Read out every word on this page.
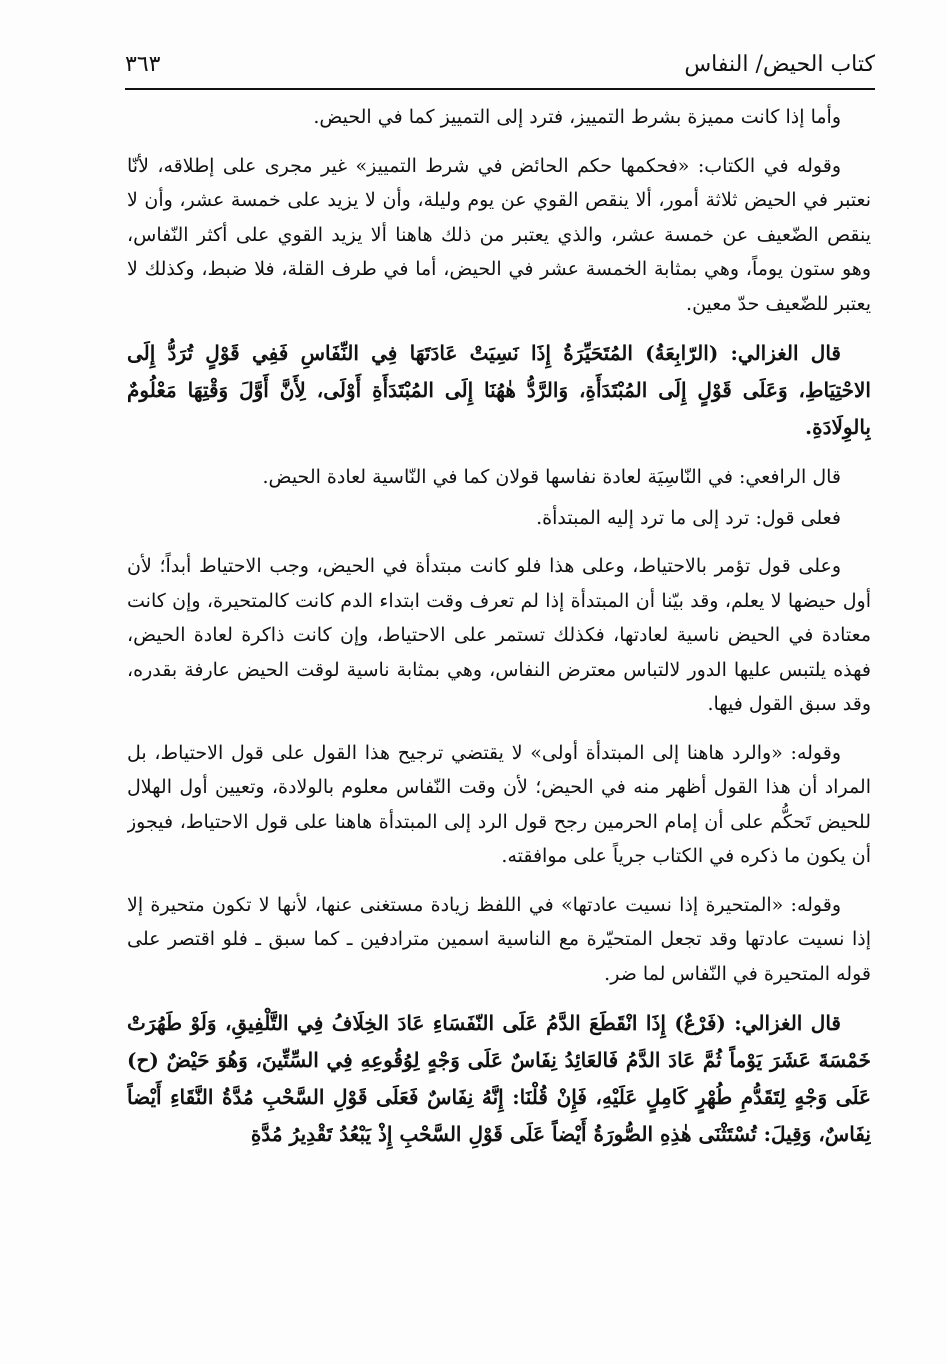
كتاب الحيض/ النفاس
٣٦٣

وأما إذا كانت مميزة بشرط التمييز، فترد إلى التمييز كما في الحيض.

وقوله في الكتاب: «فحكمها حكم الحائض في شرط التمييز» غير مجرى على إطلاقه، لأنّا نعتبر في الحيض ثلاثة أمور، ألا ينقص القوي عن يوم وليلة، وأن لا يزيد على خمسة عشر، وأن لا ينقص الضّعيف عن خمسة عشر، والذي يعتبر من ذلك هاهنا ألا يزيد القوي على أكثر النّفاس، وهو ستون يوماً، وهي بمثابة الخمسة عشر في الحيض، أما في طرف القلة، فلا ضبط، وكذلك لا يعتبر للضّعيف حدّ معين.

قال الغزالي: (الرّابِعَةُ) المُتَحَيِّرَةُ إِذَا نَسِيَتْ عَادَتَهَا فِي النِّفَاسِ فَفِي قَوْلٍ تُرَدُّ إِلَى الاحْتِيَاطِ، وَعَلَى قَوْلٍ إِلَى المُبْتَدَأَةِ، وَالرَّدُّ هٰهُنَا إِلَى المُبْتَدَأَةِ أَوْلَى، لِأَنَّ أَوَّلَ وَقْتِهَا مَعْلُومٌ بِالوِلَادَةِ.

قال الرافعي: في النّاسِيَة لعادة نفاسها قولان كما في النّاسية لعادة الحيض.

فعلى قول: ترد إلى ما ترد إليه المبتدأة.

وعلى قول تؤمر بالاحتياط، وعلى هذا فلو كانت مبتدأة في الحيض، وجب الاحتياط أبداً؛ لأن أول حيضها لا يعلم، وقد بيّنا أن المبتدأة إذا لم تعرف وقت ابتداء الدم كانت كالمتحيرة، وإن كانت معتادة في الحيض ناسية لعادتها، فكذلك تستمر على الاحتياط، وإن كانت ذاكرة لعادة الحيض، فهذه يلتبس عليها الدور لالتباس معترض النفاس، وهي بمثابة ناسية لوقت الحيض عارفة بقدره، وقد سبق القول فيها.

وقوله: «والرد هاهنا إلى المبتدأة أولى» لا يقتضي ترجيح هذا القول على قول الاحتياط، بل المراد أن هذا القول أظهر منه في الحيض؛ لأن وقت النّفاس معلوم بالولادة، وتعيين أول الهلال للحيض تَحكُّم على أن إمام الحرمين رجح قول الرد إلى المبتدأة هاهنا على قول الاحتياط، فيجوز أن يكون ما ذكره في الكتاب جرياً على موافقته.

وقوله: «المتحيرة إذا نسيت عادتها» في اللفظ زيادة مستغنى عنها، لأنها لا تكون متحيرة إلا إذا نسيت عادتها وقد تجعل المتحيّرة مع الناسية اسمين مترادفين ـ كما سبق ـ فلو اقتصر على قوله المتحيرة في النّفاس لما ضر.

قال الغزالي: (فَرْعٌ) إِذَا انْقَطَعَ الدَّمُ عَلَى النّفَسَاءِ عَادَ الخِلَافُ فِي التَّلْفِيقِ، وَلَوْ طَهُرَتْ خَمْسَةَ عَشَرَ يَوْماً ثُمَّ عَادَ الدَّمُ فَالعَائِدُ نِفَاسٌ عَلَى وَجْهٍ لِوُقُوعِهِ فِي السِّتِّينَ، وَهُوَ حَيْضٌ (ح) عَلَى وَجْهٍ لِتَقَدُّمِ طُهْرٍ كَامِلٍ عَلَيْهِ، فَإِنْ قُلْنَا: إِنَّهُ نِفَاسٌ فَعَلَى قَوْلِ السَّحْبِ مُدَّةُ النَّقَاءِ أَيْضاً نِفَاسٌ، وَقِيلَ: تُسْتَثْنَى هٰذِهِ الصُّورَةُ أَيْضاً عَلَى قَوْلِ السَّحْبِ إِذْ يَبْعُدُ تَقْدِيرُ مُدَّةِ
